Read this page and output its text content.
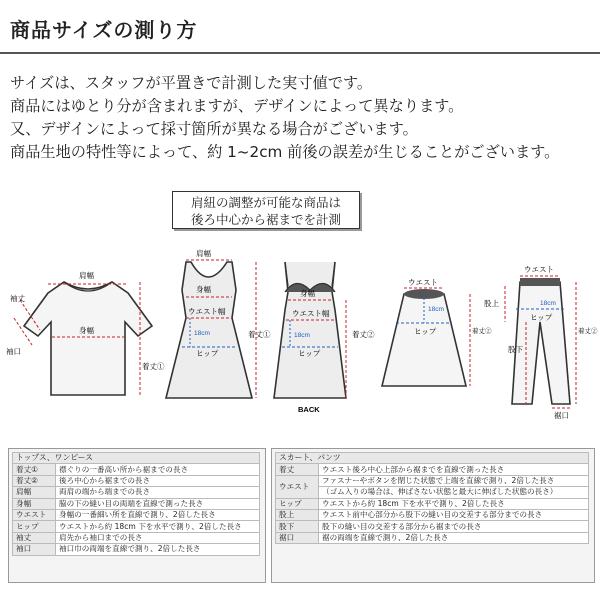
商品サイズの測り方
サイズは、スタッフが平置きで計測した実寸値です。
商品にはゆとり分が含まれますが、デザインによって異なります。
又、デザインによって採寸箇所が異なる場合がございます。
商品生地の特性等によって、約 1~2cm 前後の誤差が生じることがございます。
肩紐の調整が可能な商品は
後ろ中心から裾までを計測
肩幅
袖丈
身幅
袖口
着丈①
肩幅
身幅
ウエスト幅
18cm
ヒップ
着丈①
身幅
ウエスト幅
18cm
ヒップ
着丈②
BACK
ウエスト
18cm
ヒップ	着丈②
ウエスト
18cm
ヒップ
股上
股下
着丈②
裾口
トップス、ワンピース	
着丈①	襟ぐりの一番高い所から裾までの長さ
着丈②	後ろ中心から裾までの長さ
肩幅	両肩の端から端までの長さ
身幅	脇の下の縫い目の両端を直線で測った長さ
ウエスト	身幅の一番細い所を直線で測り、2倍した長さ
ヒップ	ウエストから約 18cm 下を水平で測り、2倍した長さ
袖丈	肩先から袖口までの長さ
袖口	袖口巾の両端を直線で測り、2倍した長さ
スカート、パンツ	
着丈	ウエスト後ろ中心上部から裾までを直線で測った長さ
ウエスト	ファスナーやボタンを閉じた状態で上端を直線で測り、2倍した長さ
	（ゴム入りの場合は、伸ばさない状態と最大に伸ばした状態の長さ）
ヒップ	ウエストから約 18cm 下を水平で測り、2倍した長さ
股上	ウエスト前中心部分から股下の縫い目の交差する部分までの長さ
股下	股下の縫い目の交差する部分から裾までの長さ
裾口	裾の両端を直線で測り、2倍した長さ
